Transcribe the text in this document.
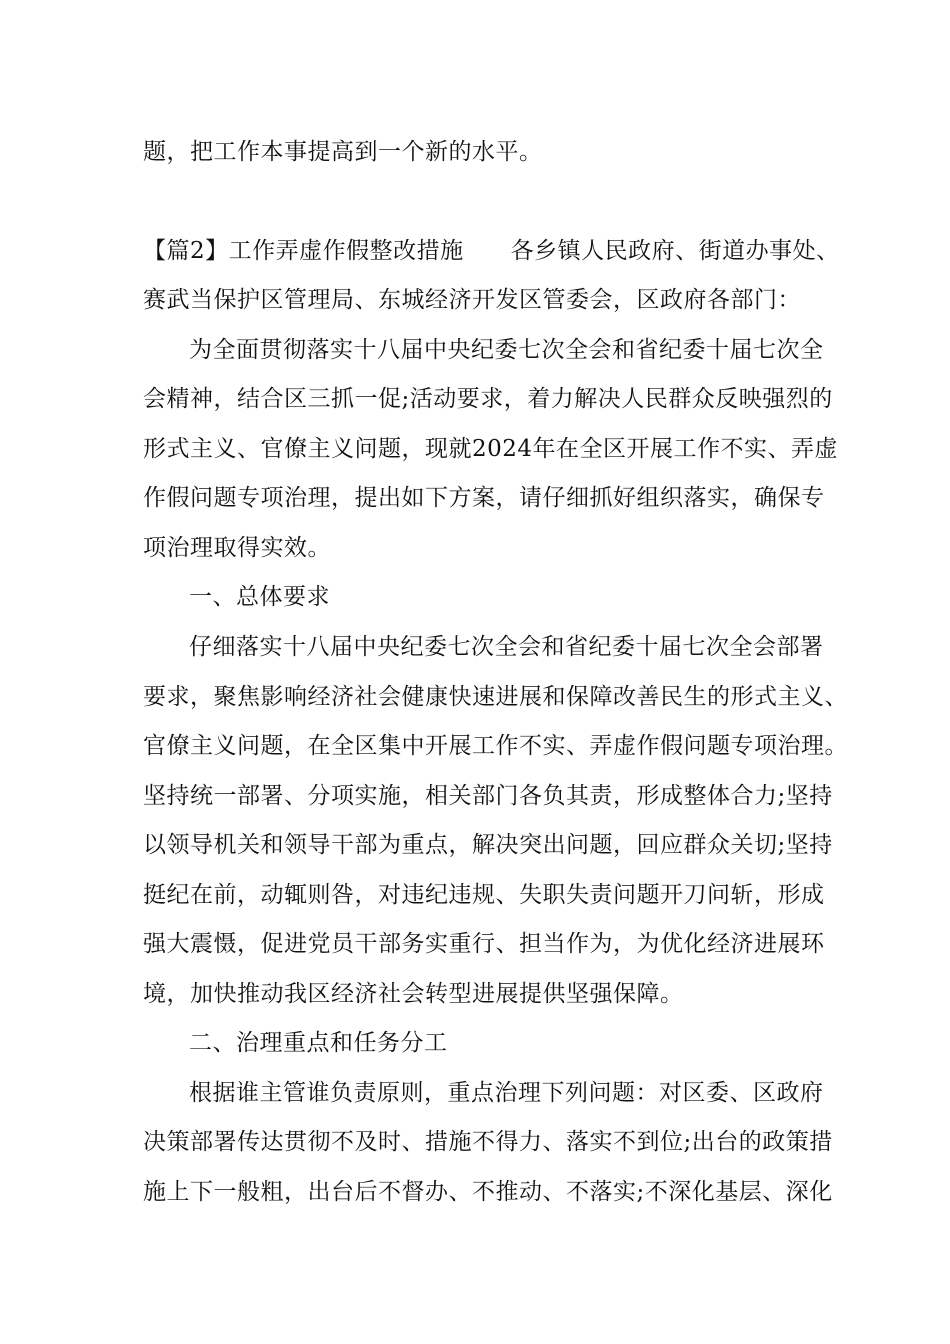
题，把工作本事提高到一个新的水平。
【篇2】工作弄虚作假整改措施　　各乡镇人民政府、街道办事处、
赛武当保护区管理局、东城经济开发区管委会，区政府各部门：
为全面贯彻落实十八届中央纪委七次全会和省纪委十届七次全
会精神，结合区三抓一促;活动要求，着力解决人民群众反映强烈的
形式主义、官僚主义问题，现就2024年在全区开展工作不实、弄虚
作假问题专项治理，提出如下方案，请仔细抓好组织落实，确保专
项治理取得实效。
一、总体要求
仔细落实十八届中央纪委七次全会和省纪委十届七次全会部署
要求，聚焦影响经济社会健康快速进展和保障改善民生的形式主义、
官僚主义问题，在全区集中开展工作不实、弄虚作假问题专项治理。
坚持统一部署、分项实施，相关部门各负其责，形成整体合力;坚持
以领导机关和领导干部为重点，解决突出问题，回应群众关切;坚持
挺纪在前，动辄则咎，对违纪违规、失职失责问题开刀问斩，形成
强大震慑，促进党员干部务实重行、担当作为，为优化经济进展环
境，加快推动我区经济社会转型进展提供坚强保障。
二、治理重点和任务分工
根据谁主管谁负责原则，重点治理下列问题：对区委、区政府
决策部署传达贯彻不及时、措施不得力、落实不到位;出台的政策措
施上下一般粗，出台后不督办、不推动、不落实;不深化基层、深化
